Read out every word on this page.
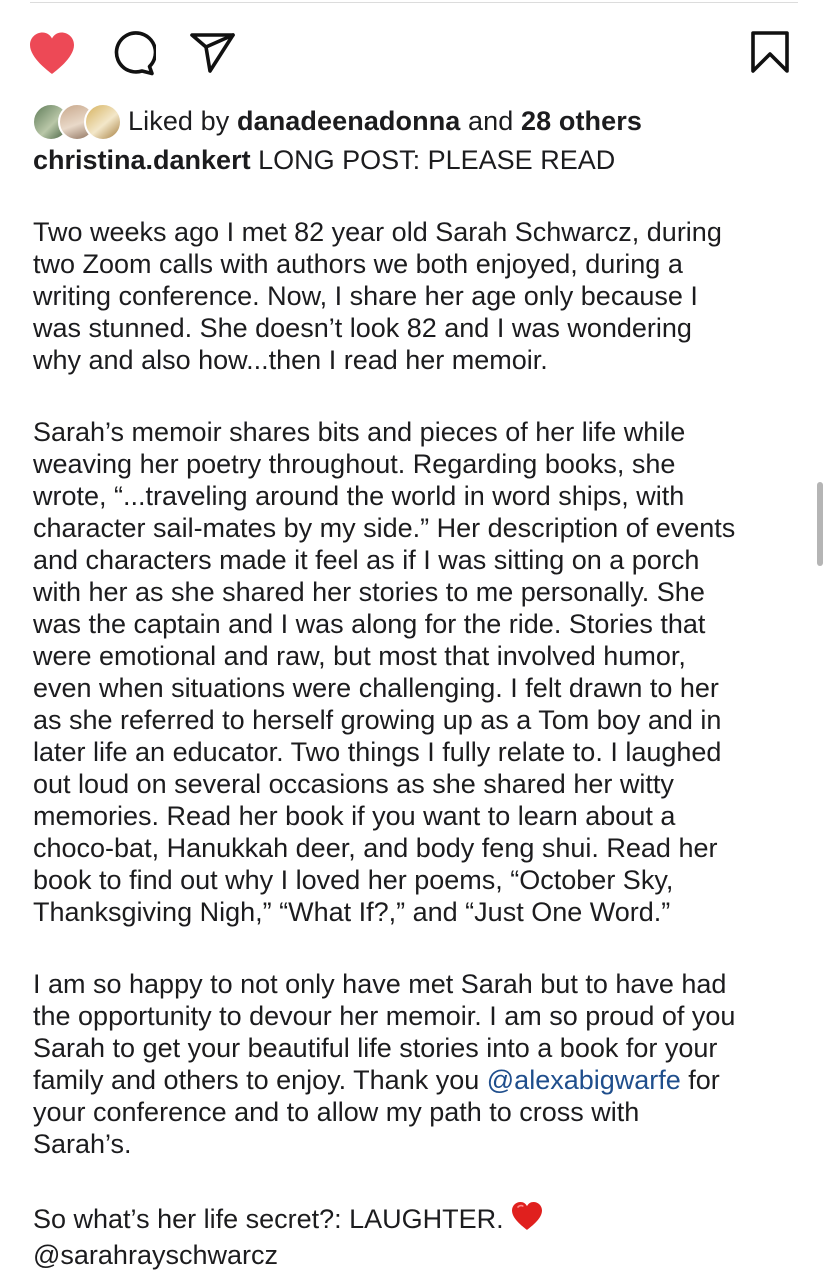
Liked by danadeenadonna and 28 others
christina.dankert LONG POST: PLEASE READ
Two weeks ago I met 82 year old Sarah Schwarcz, during
two Zoom calls with authors we both enjoyed, during a
writing conference. Now, I share her age only because I
was stunned. She doesn’t look 82 and I was wondering
why and also how...then I read her memoir.
Sarah’s memoir shares bits and pieces of her life while
weaving her poetry throughout. Regarding books, she
wrote, “...traveling around the world in word ships, with
character sail-mates by my side.” Her description of events
and characters made it feel as if I was sitting on a porch
with her as she shared her stories to me personally. She
was the captain and I was along for the ride. Stories that
were emotional and raw, but most that involved humor,
even when situations were challenging. I felt drawn to her
as she referred to herself growing up as a Tom boy and in
later life an educator. Two things I fully relate to. I laughed
out loud on several occasions as she shared her witty
memories. Read her book if you want to learn about a
choco-bat, Hanukkah deer, and body feng shui. Read her
book to find out why I loved her poems, “October Sky,
Thanksgiving Nigh,” “What If?,” and “Just One Word.”
I am so happy to not only have met Sarah but to have had
the opportunity to devour her memoir. I am so proud of you
Sarah to get your beautiful life stories into a book for your
family and others to enjoy. Thank you @alexabigwarfe for
your conference and to allow my path to cross with
Sarah’s.
So what’s her life secret?: LAUGHTER.
@sarahrayschwarcz
